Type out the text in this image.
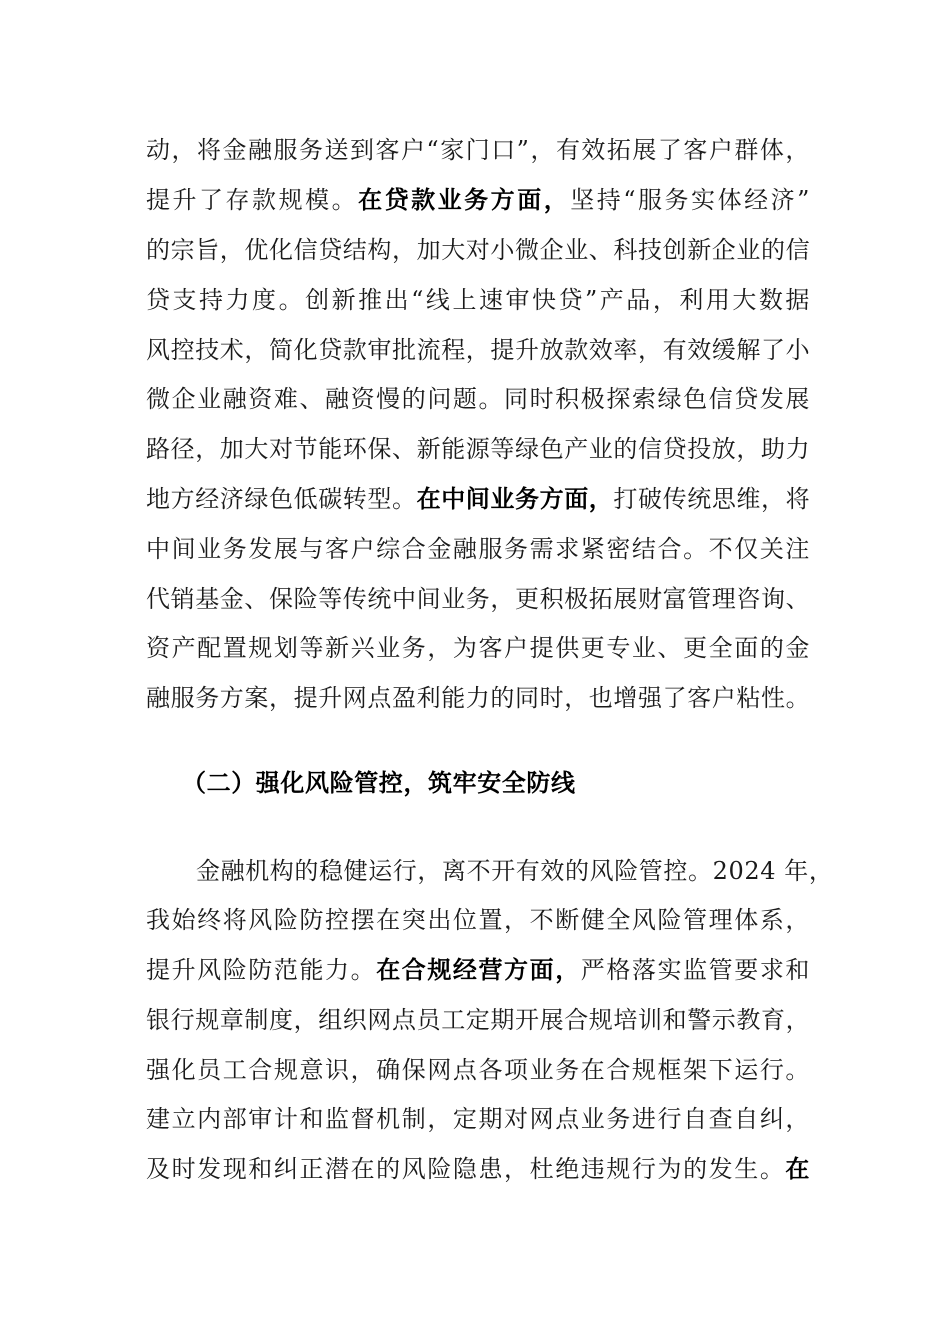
动，将金融服务送到客户“家门口”，有效拓展了客户群体，
提升了存款规模。在贷款业务方面，坚持“服务实体经济”
的宗旨，优化信贷结构，加大对小微企业、科技创新企业的信
贷支持力度。创新推出“线上速审快贷”产品，利用大数据
风控技术，简化贷款审批流程，提升放款效率，有效缓解了小
微企业融资难、融资慢的问题。同时积极探索绿色信贷发展
路径，加大对节能环保、新能源等绿色产业的信贷投放，助力
地方经济绿色低碳转型。在中间业务方面，打破传统思维，将
中间业务发展与客户综合金融服务需求紧密结合。不仅关注
代销基金、保险等传统中间业务，更积极拓展财富管理咨询、
资产配置规划等新兴业务，为客户提供更专业、更全面的金
融服务方案，提升网点盈利能力的同时，也增强了客户粘性。
（二）强化风险管控，筑牢安全防线
金融机构的稳健运行，离不开有效的风险管控。2024 年，
我始终将风险防控摆在突出位置，不断健全风险管理体系，
提升风险防范能力。在合规经营方面，严格落实监管要求和
银行规章制度，组织网点员工定期开展合规培训和警示教育，
强化员工合规意识，确保网点各项业务在合规框架下运行。
建立内部审计和监督机制，定期对网点业务进行自查自纠，
及时发现和纠正潜在的风险隐患，杜绝违规行为的发生。在
